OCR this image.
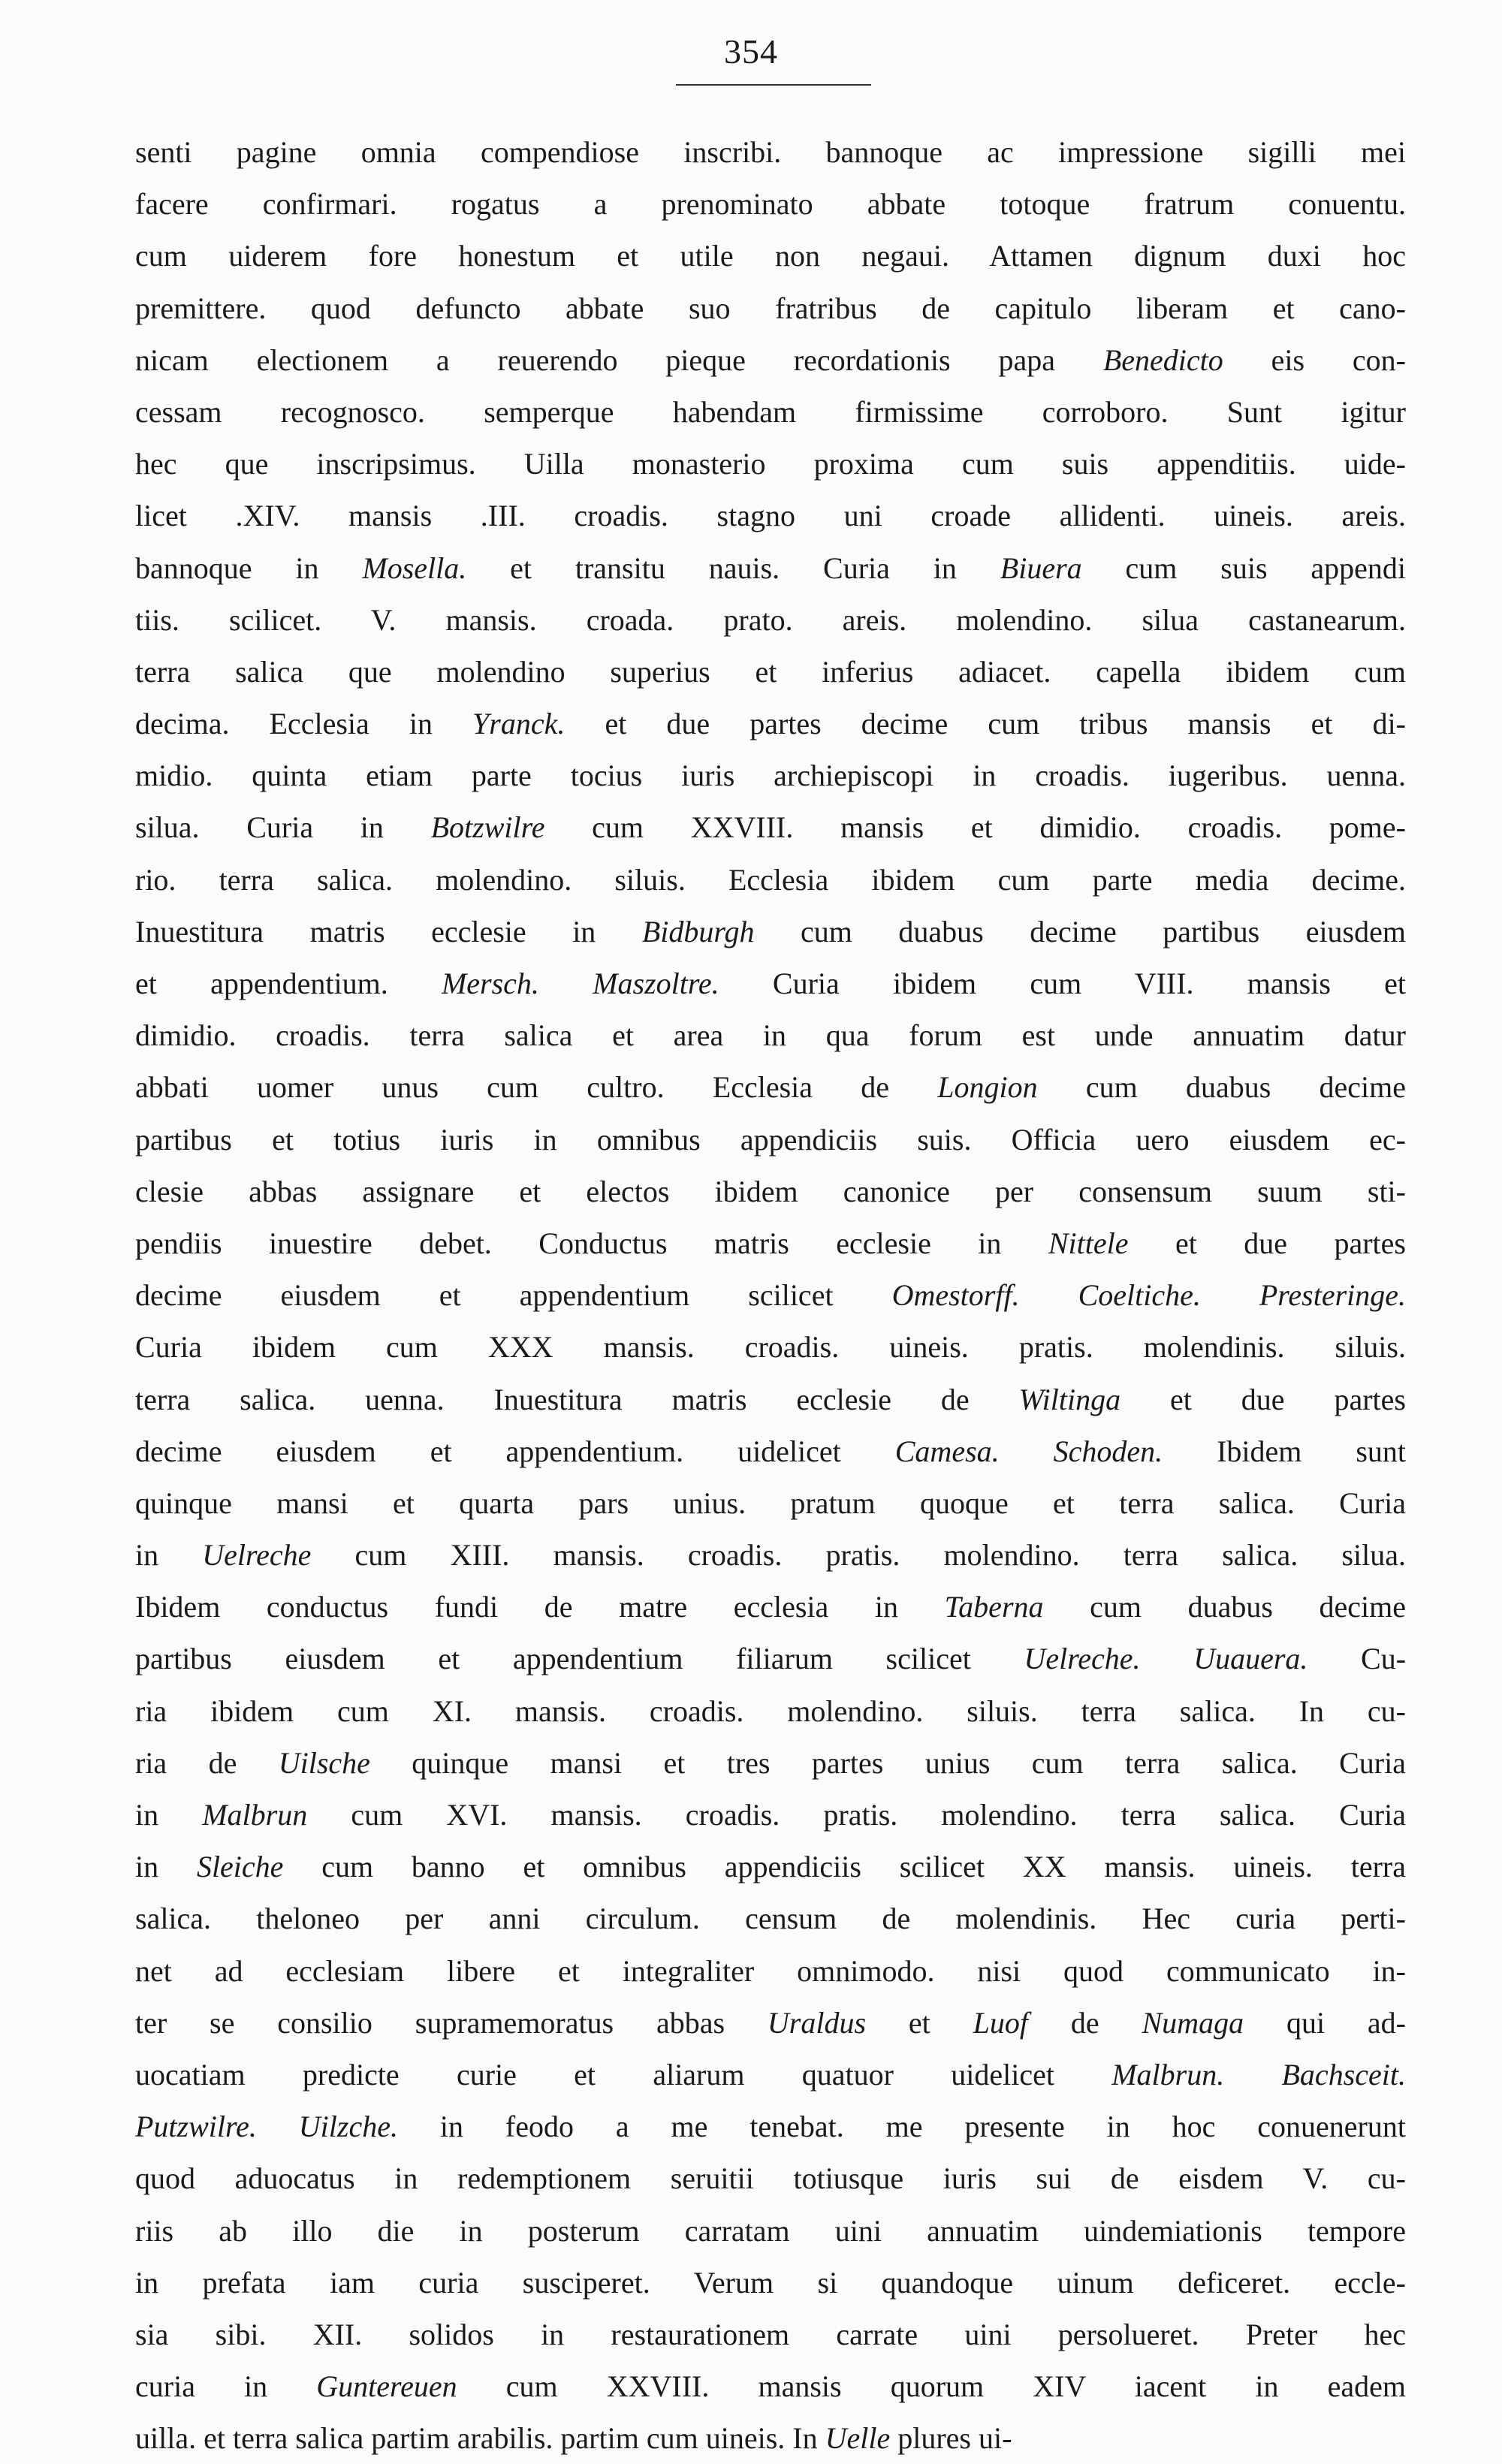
354
senti pagine omnia compendiose inscribi. bannoque ac impressione sigilli mei
facere confirmari. rogatus a prenominato abbate totoque fratrum conuentu.
cum uiderem fore honestum et utile non negaui. Attamen dignum duxi hoc
premittere. quod defuncto abbate suo fratribus de capitulo liberam et cano-
nicam electionem a reuerendo pieque recordationis papa Benedicto eis con-
cessam recognosco. semperque habendam firmissime corroboro. Sunt igitur
hec que inscripsimus. Uilla monasterio proxima cum suis appenditiis. uide-
licet .XIV. mansis .III. croadis. stagno uni croade allidenti. uineis. areis.
bannoque in Mosella. et transitu nauis. Curia in Biuera cum suis appendi
tiis. scilicet. V. mansis. croada. prato. areis. molendino. silua castanearum.
terra salica que molendino superius et inferius adiacet. capella ibidem cum
decima. Ecclesia in Yranck. et due partes decime cum tribus mansis et di-
midio. quinta etiam parte tocius iuris archiepiscopi in croadis. iugeribus. uenna.
silua. Curia in Botzwilre cum XXVIII. mansis et dimidio. croadis. pome-
rio. terra salica. molendino. siluis. Ecclesia ibidem cum parte media decime.
Inuestitura matris ecclesie in Bidburgh cum duabus decime partibus eiusdem
et appendentium. Mersch. Maszoltre. Curia ibidem cum VIII. mansis et
dimidio. croadis. terra salica et area in qua forum est unde annuatim datur
abbati uomer unus cum cultro. Ecclesia de Longion cum duabus decime
partibus et totius iuris in omnibus appendiciis suis. Officia uero eiusdem ec-
clesie abbas assignare et electos ibidem canonice per consensum suum sti-
pendiis inuestire debet. Conductus matris ecclesie in Nittele et due partes
decime eiusdem et appendentium scilicet Omestorff. Coeltiche. Presteringe.
Curia ibidem cum XXX mansis. croadis. uineis. pratis. molendinis. siluis.
terra salica. uenna. Inuestitura matris ecclesie de Wiltinga et due partes
decime eiusdem et appendentium. uidelicet Camesa. Schoden. Ibidem sunt
quinque mansi et quarta pars unius. pratum quoque et terra salica. Curia
in Uelreche cum XIII. mansis. croadis. pratis. molendino. terra salica. silua.
Ibidem conductus fundi de matre ecclesia in Taberna cum duabus decime
partibus eiusdem et appendentium filiarum scilicet Uelreche. Uuauera. Cu-
ria ibidem cum XI. mansis. croadis. molendino. siluis. terra salica. In cu-
ria de Uilsche quinque mansi et tres partes unius cum terra salica. Curia
in Malbrun cum XVI. mansis. croadis. pratis. molendino. terra salica. Curia
in Sleiche cum banno et omnibus appendiciis scilicet XX mansis. uineis. terra
salica. theloneo per anni circulum. censum de molendinis. Hec curia perti-
net ad ecclesiam libere et integraliter omnimodo. nisi quod communicato in-
ter se consilio supramemoratus abbas Uraldus et Luof de Numaga qui ad-
uocatiam predicte curie et aliarum quatuor uidelicet Malbrun. Bachsceit.
Putzwilre. Uilzche. in feodo a me tenebat. me presente in hoc conuenerunt
quod aduocatus in redemptionem seruitii totiusque iuris sui de eisdem V. cu-
riis ab illo die in posterum carratam uini annuatim uindemiationis tempore
in prefata iam curia susciperet. Verum si quandoque uinum deficeret. eccle-
sia sibi. XII. solidos in restaurationem carrate uini persolueret. Preter hec
curia in Guntereuen cum XXVIII. mansis quorum XIV iacent in eadem
uilla. et terra salica partim arabilis. partim cum uineis. In Uelle plures ui-
